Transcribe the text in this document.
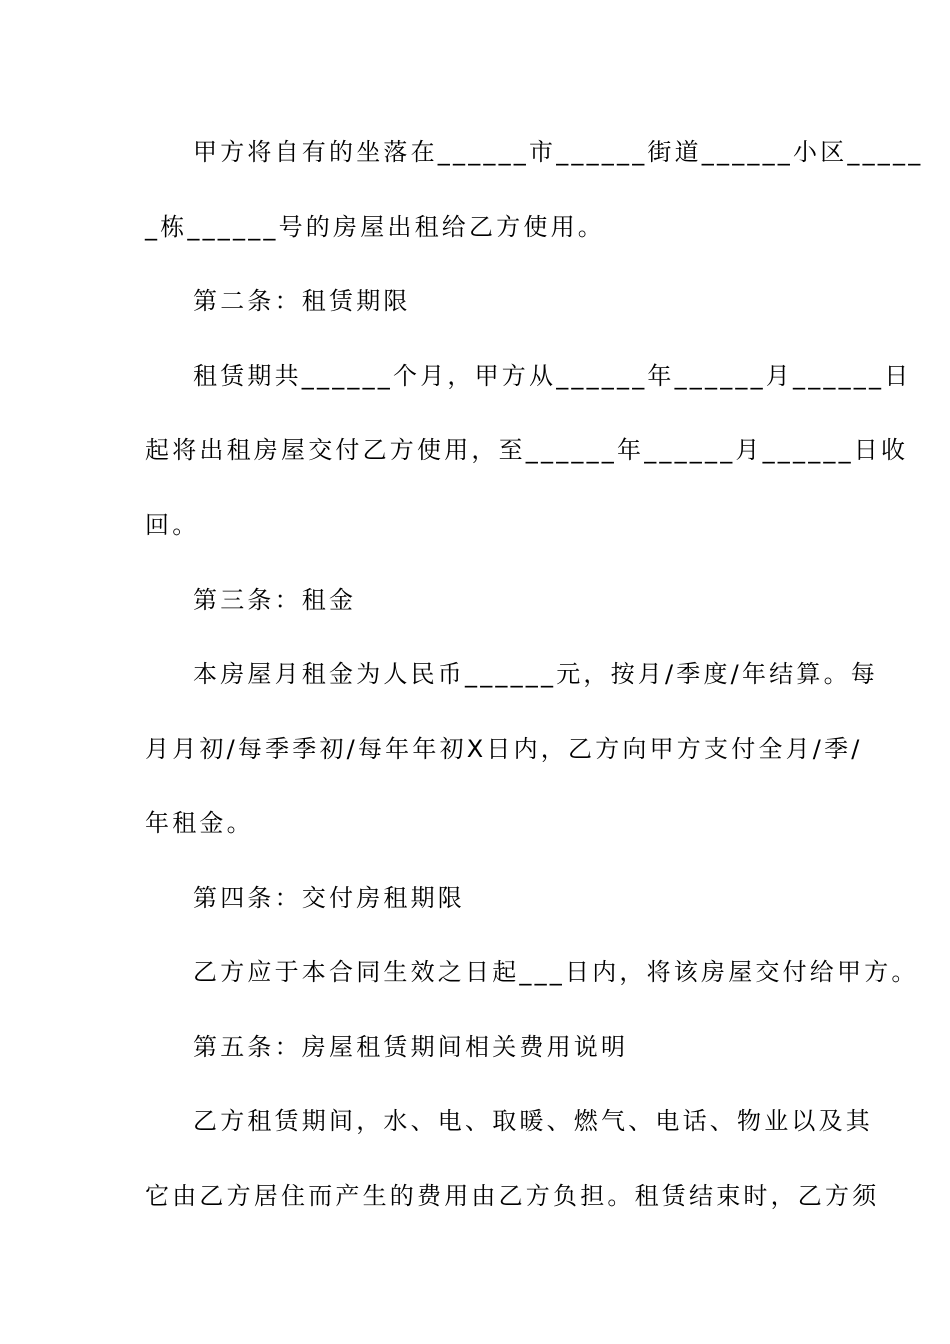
甲方将自有的坐落在______市______街道______小区_____

_栋______号的房屋出租给乙方使用。

第二条：租赁期限

租赁期共______个月，甲方从______年______月______日

起将出租房屋交付乙方使用，至______年______月______日收

回。

第三条：租金

本房屋月租金为人民币______元，按月/季度/年结算。每

月月初/每季季初/每年年初X日内，乙方向甲方支付全月/季/

年租金。

第四条：交付房租期限

乙方应于本合同生效之日起___日内，将该房屋交付给甲方。

第五条：房屋租赁期间相关费用说明

乙方租赁期间，水、电、取暖、燃气、电话、物业以及其

它由乙方居住而产生的费用由乙方负担。租赁结束时，乙方须
